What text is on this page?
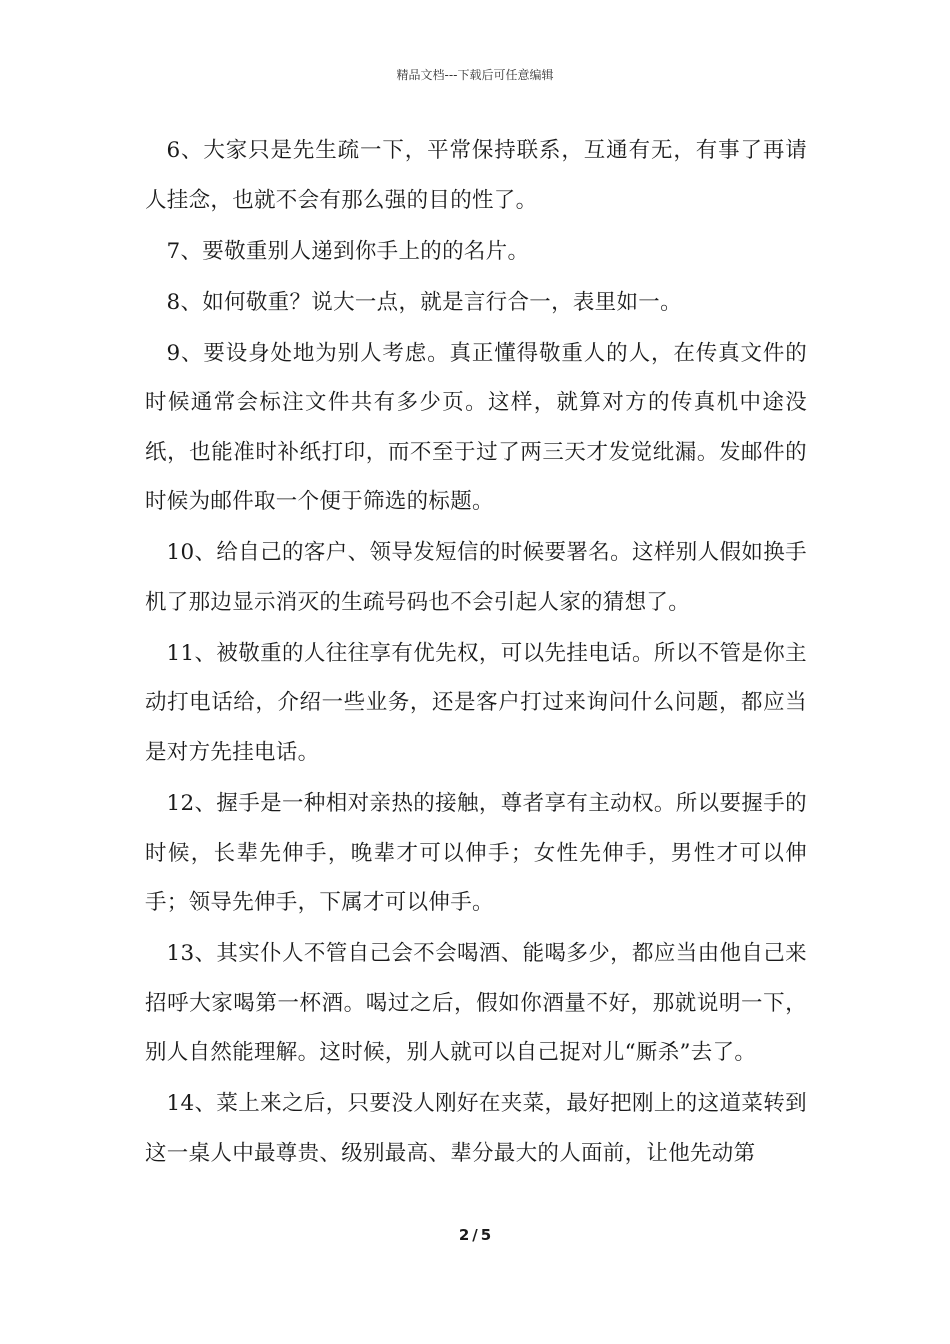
精品文档---下载后可任意编辑

6、大家只是先生疏一下，平常保持联系，互通有无，有事了再请人挂念，也就不会有那么强的目的性了。

7、要敬重别人递到你手上的的名片。

8、如何敬重？说大一点，就是言行合一，表里如一。

9、要设身处地为别人考虑。真正懂得敬重人的人，在传真文件的时候通常会标注文件共有多少页。这样，就算对方的传真机中途没纸，也能准时补纸打印，而不至于过了两三天才发觉纰漏。发邮件的时候为邮件取一个便于筛选的标题。

10、给自己的客户、领导发短信的时候要署名。这样别人假如换手机了那边显示消灭的生疏号码也不会引起人家的猜想了。

11、被敬重的人往往享有优先权，可以先挂电话。所以不管是你主动打电话给，介绍一些业务，还是客户打过来询问什么问题，都应当是对方先挂电话。

12、握手是一种相对亲热的接触，尊者享有主动权。所以要握手的时候，长辈先伸手，晚辈才可以伸手；女性先伸手，男性才可以伸手；领导先伸手，下属才可以伸手。

13、其实仆人不管自己会不会喝酒、能喝多少，都应当由他自己来招呼大家喝第一杯酒。喝过之后，假如你酒量不好，那就说明一下，别人自然能理解。这时候，别人就可以自己捉对儿“厮杀”去了。

14、菜上来之后，只要没人刚好在夹菜，最好把刚上的这道菜转到这一桌人中最尊贵、级别最高、辈分最大的人面前，让他先动第

2 / 5
